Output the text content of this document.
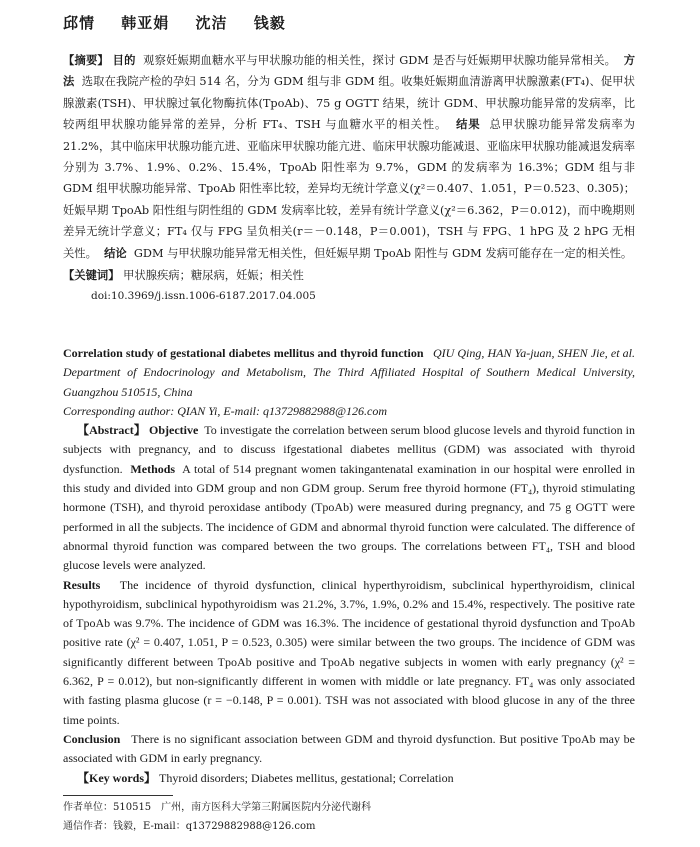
邱情 韩亚娟 沈洁 钱毅

【摘要】 目的 观察妊娠期血糖水平与甲状腺功能的相关性，探讨 GDM 是否与妊娠期甲状腺功能异常相关。 方法 选取在我院产检的孕妇 514 名，分为 GDM 组与非 GDM 组。收集妊娠期血清游离甲状腺激素(FT₄)、促甲状腺激素(TSH)、甲状腺过氧化物酶抗体(TpoAb)、75 g OGTT 结果，统计 GDM、甲状腺功能异常的发病率，比较两组甲状腺功能异常的差异，分析 FT₄、TSH 与血糖水平的相关性。 结果 总甲状腺功能异常发病率为 21.2%，其中临床甲状腺功能亢进、亚临床甲状腺功能亢进、临床甲状腺功能减退、亚临床甲状腺功能减退发病率分别为 3.7%、1.9%、0.2%、15.4%，TpoAb 阳性率为 9.7%，GDM 的发病率为 16.3%；GDM 组与非 GDM 组甲状腺功能异常、TpoAb 阳性率比较，差异均无统计学意义(χ²＝0.407、1.051，P＝0.523、0.305)；妊娠早期 TpoAb 阳性组与阴性组的 GDM 发病率比较，差异有统计学意义(χ²＝6.362，P＝0.012)，而中晚期则差异无统计学意义；FT₄ 仅与 FPG 呈负相关(r＝－0.148，P＝0.001)，TSH 与 FPG、1 hPG 及 2 hPG 无相关性。 结论 GDM 与甲状腺功能异常无相关性，但妊娠早期 TpoAb 阳性与 GDM 发病可能存在一定的相关性。

【关键词】 甲状腺疾病；糖尿病，妊娠；相关性

doi:10.3969/j.issn.1006-6187.2017.04.005

Correlation study of gestational diabetes mellitus and thyroid function QIU Qing, HAN Ya-juan, SHEN Jie, et al. Department of Endocrinology and Metabolism, The Third Affiliated Hospital of Southern Medical University, Guangzhou 510515, China

Corresponding author: QIAN Yi, E-mail: q13729882988@126.com

【Abstract】 Objective To investigate the correlation between serum blood glucose levels and thyroid function in subjects with pregnancy, and to discuss ifgestational diabetes mellitus (GDM) was associated with thyroid dysfunction. Methods A total of 514 pregnant women takingantenatal examination in our hospital were enrolled in this study and divided into GDM group and non GDM group. Serum free thyroid hormone (FT₄), thyroid stimulating hormone (TSH), and thyroid peroxidase antibody (TpoAb) were measured during pregnancy, and 75 g OGTT were performed in all the subjects. The incidence of GDM and abnormal thyroid function were calculated. The difference of abnormal thyroid function was compared between the two groups. The correlations between FT₄, TSH and blood glucose levels were analyzed.

Results The incidence of thyroid dysfunction, clinical hyperthyroidism, subclinical hyperthyroidism, clinical hypothyroidism, subclinical hypothyroidism was 21.2%, 3.7%, 1.9%, 0.2% and 15.4%, respectively. The positive rate of TpoAb was 9.7%. The incidence of GDM was 16.3%. The incidence of gestational thyroid dysfunction and TpoAb positive rate (χ² = 0.407, 1.051, P = 0.523, 0.305) were similar between the two groups. The incidence of GDM was significantly different between TpoAb positive and TpoAb negative subjects in women with early pregnancy (χ² = 6.362, P = 0.012), but non-significantly different in women with middle or late pregnancy. FT₄ was only associated with fasting plasma glucose (r = −0.148, P = 0.001). TSH was not associated with blood glucose in any of the three time points.

Conclusion There is no significant association between GDM and thyroid dysfunction. But positive TpoAb may be associated with GDM in early pregnancy.

【Key words】 Thyroid disorders; Diabetes mellitus, gestational; Correlation

作者单位：510515　广州，南方医科大学第三附属医院内分泌代谢科

通信作者：钱毅，E-mail：q13729882988@126.com
